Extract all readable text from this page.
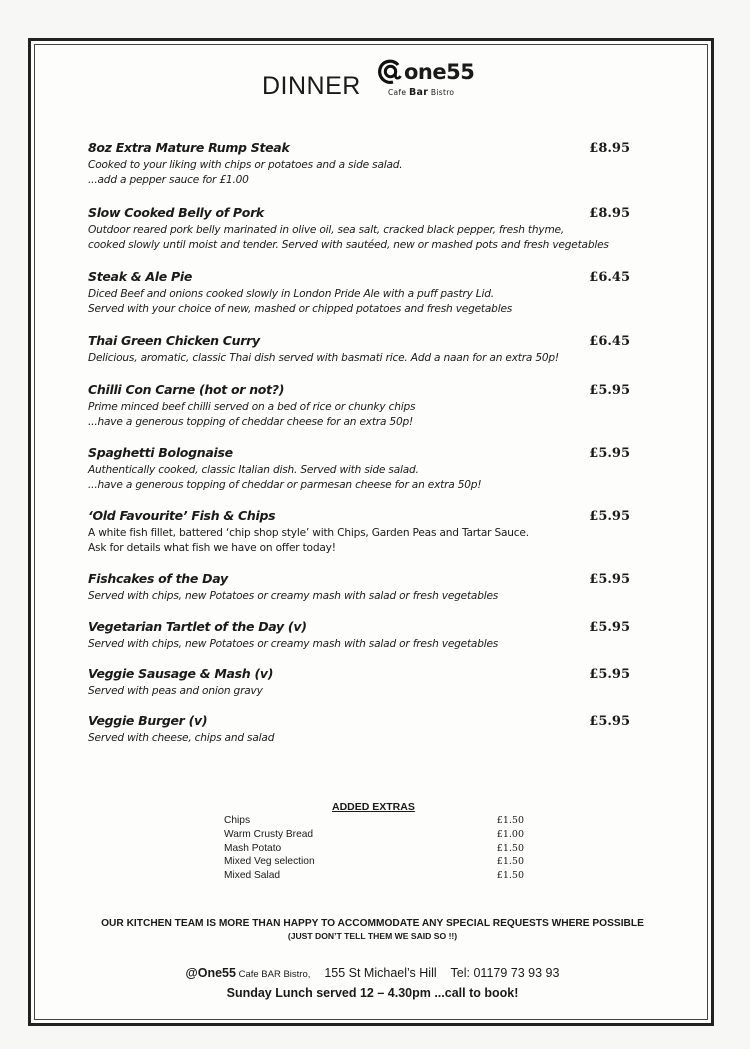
DINNER one55
Cafe Bar Bistro
8oz Extra Mature Rump Steak	£8.95
Cooked to your liking with chips or potatoes and a side salad.
...add a pepper sauce for £1.00
Slow Cooked Belly of Pork	£8.95
Outdoor reared pork belly marinated in olive oil, sea salt, cracked black pepper, fresh thyme,
cooked slowly until moist and tender. Served with sautéed, new or mashed pots and fresh vegetables
Steak & Ale Pie	£6.45
Diced Beef and onions cooked slowly in London Pride Ale with a puff pastry Lid.
Served with your choice of new, mashed or chipped potatoes and fresh vegetables
Thai Green Chicken Curry	£6.45
Delicious, aromatic, classic Thai dish served with basmati rice. Add a naan for an extra 50p!
Chilli Con Carne (hot or not?)	£5.95
Prime minced beef chilli served on a bed of rice or chunky chips
...have a generous topping of cheddar cheese for an extra 50p!
Spaghetti Bolognaise	£5.95
Authentically cooked, classic Italian dish. Served with side salad.
...have a generous topping of cheddar or parmesan cheese for an extra 50p!
‘Old Favourite’ Fish & Chips	£5.95
A white fish fillet, battered ‘chip shop style’ with Chips, Garden Peas and Tartar Sauce.
Ask for details what fish we have on offer today!
Fishcakes of the Day	£5.95
Served with chips, new Potatoes or creamy mash with salad or fresh vegetables
Vegetarian Tartlet of the Day (v)	£5.95
Served with chips, new Potatoes or creamy mash with salad or fresh vegetables
Veggie Sausage & Mash (v)	£5.95
Served with peas and onion gravy
Veggie Burger (v)	£5.95
Served with cheese, chips and salad
ADDED EXTRAS
Chips	£1.50
Warm Crusty Bread	£1.00
Mash Potato	£1.50
Mixed Veg selection	£1.50
Mixed Salad	£1.50
OUR KITCHEN TEAM IS MORE THAN HAPPY TO ACCOMMODATE ANY SPECIAL REQUESTS WHERE POSSIBLE
(JUST DON’T TELL THEM WE SAID SO !!)
@One55 Cafe BAR Bistro, 155 St Michael’s Hill Tel: 01179 73 93 93
Sunday Lunch served 12 – 4.30pm ...call to book!
